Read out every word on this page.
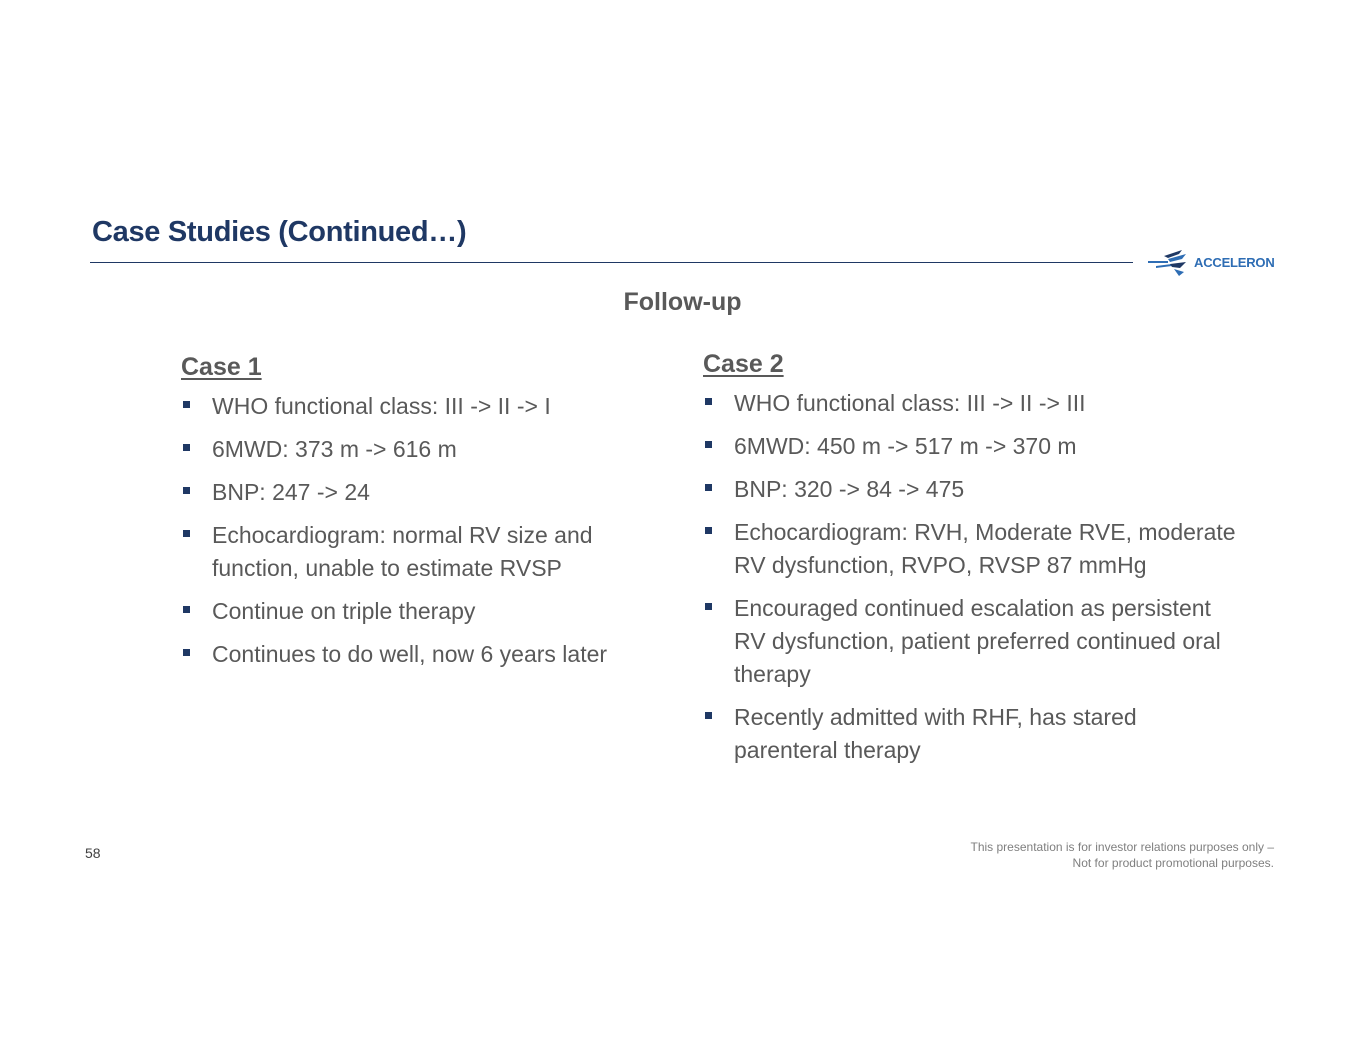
Case Studies (Continued…)
ACCELERON
Follow-up
Case 1
WHO functional class: III -> II -> I
6MWD: 373 m -> 616 m
BNP: 247 -> 24
Echocardiogram: normal RV size and function, unable to estimate RVSP
Continue on triple therapy
Continues to do well, now 6 years later
Case 2
WHO functional class: III -> II -> III
6MWD: 450 m -> 517 m -> 370 m
BNP: 320 -> 84 -> 475
Echocardiogram: RVH, Moderate RVE, moderate RV dysfunction, RVPO, RVSP 87 mmHg
Encouraged continued escalation as persistent RV dysfunction, patient preferred continued oral therapy
Recently admitted with RHF, has stared parenteral therapy
58	This presentation is for investor relations purposes only –
Not for product promotional purposes.
